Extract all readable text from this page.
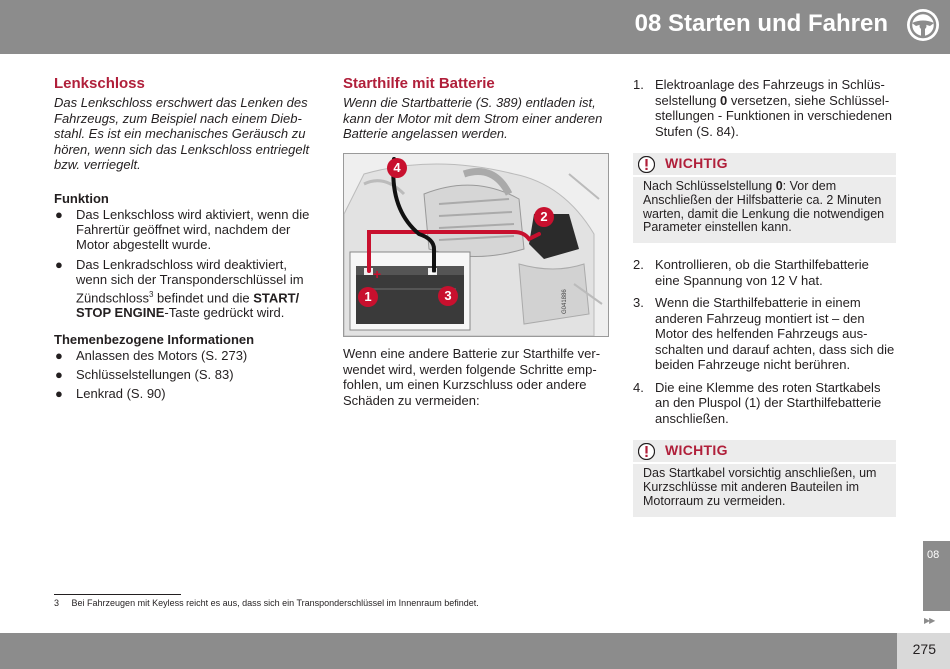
08 Starten und Fahren
Lenkschloss

Das Lenkschloss erschwert das Lenken des Fahrzeugs, zum Beispiel nach einem Diebstahl. Es ist ein mechanisches Geräusch zu hören, wenn sich das Lenkschloss entriegelt bzw. verriegelt.

Funktion
● Das Lenkschloss wird aktiviert, wenn die Fahrertür geöffnet wird, nachdem der Motor abgestellt wurde.
● Das Lenkradschloss wird deaktiviert, wenn sich der Transponderschlüssel im Zündschloss$^3$ befindet und die START/ STOP ENGINE-Taste gedrückt wird.
Themenbezogene Informationen
● Anlassen des Motors (S. 273)
● Schlüsselstellungen (S. 83)
● Lenkrad (S. 90)
Starthilfe mit Batterie

Wenn die Startbatterie (S. 389) entladen ist, kann der Motor mit dem Strom einer anderen Batterie angelassen werden.

G041886
+	−
1
2
3
4
Wenn eine andere Batterie zur Starthilfe verwendet wird, werden folgende Schritte empfohlen, um einen Kurzschluss oder andere Schäden zu vermeiden:
1. Elektroanlage des Fahrzeugs in Schlüsselstellung 0 versetzen, siehe Schlüsselstellungen - Funktionen in verschiedenen Stufen (S. 84).
WICHTIG
Nach Schlüsselstellung 0: Vor dem Anschließen der Hilfsbatterie ca. 2 Minuten warten, damit die Lenkung die notwendigen Parameter einstellen kann.
2. Kontrollieren, ob die Starthilfebatterie eine Spannung von 12 V hat.
3. Wenn die Starthilfebatterie in einem anderen Fahrzeug montiert ist – den Motor des helfenden Fahrzeugs ausschalten und darauf achten, dass sich die beiden Fahrzeuge nicht berühren.
4. Die eine Klemme des roten Startkabels an den Pluspol (1) der Starthilfebatterie anschließen.
WICHTIG
Das Startkabel vorsichtig anschließen, um Kurzschlüsse mit anderen Bauteilen im Motorraum zu vermeiden.
3 Bei Fahrzeugen mit Keyless reicht es aus, dass sich ein Transponderschlüssel im Innenraum befindet.
08
▶▶
275
